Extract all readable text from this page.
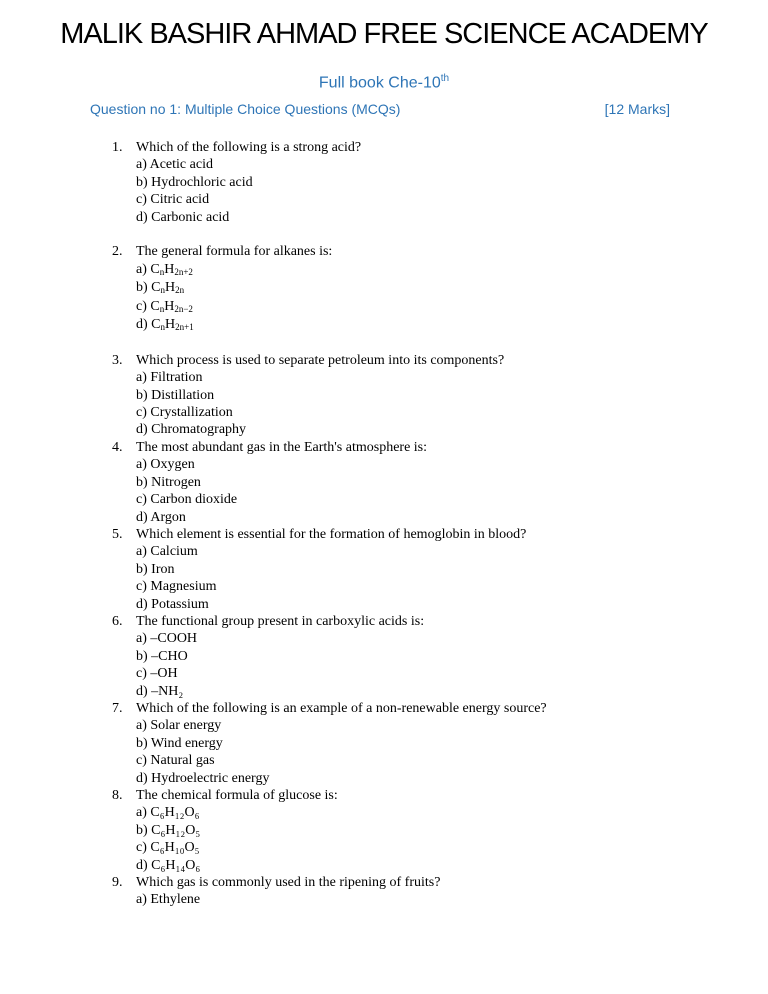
MALIK BASHIR AHMAD FREE SCIENCE ACADEMY
Full book Che-10th
Question no 1: Multiple Choice Questions (MCQs)	[12 Marks]
1. Which of the following is a strong acid?
a) Acetic acid
b) Hydrochloric acid
c) Citric acid
d) Carbonic acid
2. The general formula for alkanes is:
a) CnH2n+2
b) CnH2n
c) CnH2n−2
d) CnH2n+1
3. Which process is used to separate petroleum into its components?
a) Filtration
b) Distillation
c) Crystallization
d) Chromatography
4. The most abundant gas in the Earth's atmosphere is:
a) Oxygen
b) Nitrogen
c) Carbon dioxide
d) Argon
5. Which element is essential for the formation of hemoglobin in blood?
a) Calcium
b) Iron
c) Magnesium
d) Potassium
6. The functional group present in carboxylic acids is:
a) –COOH
b) –CHO
c) –OH
d) –NH₂
7. Which of the following is an example of a non-renewable energy source?
a) Solar energy
b) Wind energy
c) Natural gas
d) Hydroelectric energy
8. The chemical formula of glucose is:
a) C₆H₁₂O₆
b) C₆H₁₂O₅
c) C₆H₁₀O₅
d) C₆H₁₄O₆
9. Which gas is commonly used in the ripening of fruits?
a) Ethylene
